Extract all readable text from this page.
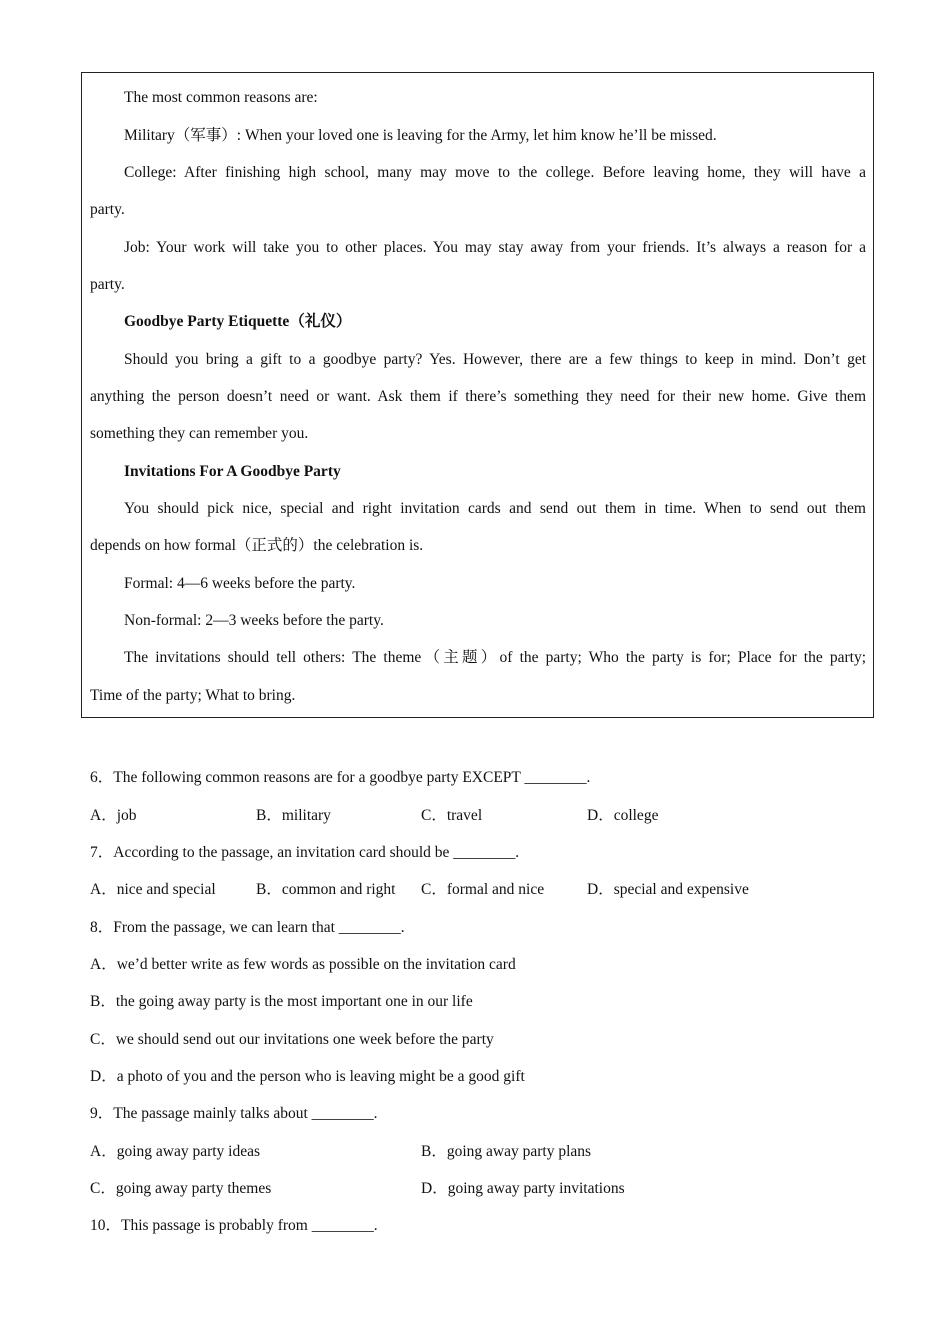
The most common reasons are:
Military（军事）: When your loved one is leaving for the Army, let him know he’ll be missed.
College: After finishing high school, many may move to the college. Before leaving home, they will have a
party.
Job: Your work will take you to other places. You may stay away from your friends. It’s always a reason for a
party.
Goodbye Party Etiquette（礼仪）
Should you bring a gift to a goodbye party? Yes. However, there are a few things to keep in mind. Don’t get
anything the person doesn’t need or want. Ask them if there’s something they need for their new home. Give them
something they can remember you.
Invitations For A Goodbye Party
You should pick nice, special and right invitation cards and send out them in time. When to send out them
depends on how formal（正式的）the celebration is.
Formal: 4—6 weeks before the party.
Non-formal: 2—3 weeks before the party.
The invitations should tell others: The theme（主题）of the party; Who the party is for; Place for the party;
Time of the party; What to bring.
6．The following common reasons are for a goodbye party EXCEPT ________.
A．job	B．military	C．travel	D．college
7．According to the passage, an invitation card should be ________.
A．nice and special	B．common and right C．formal and nice	D．special and expensive
8．From the passage, we can learn that ________.
A．we’d better write as few words as possible on the invitation card
B．the going away party is the most important one in our life
C．we should send out our invitations one week before the party
D．a photo of you and the person who is leaving might be a good gift
9．The passage mainly talks about ________.
A．going away party ideas	B．going away party plans
C．going away party themes	D．going away party invitations
10．This passage is probably from ________.
